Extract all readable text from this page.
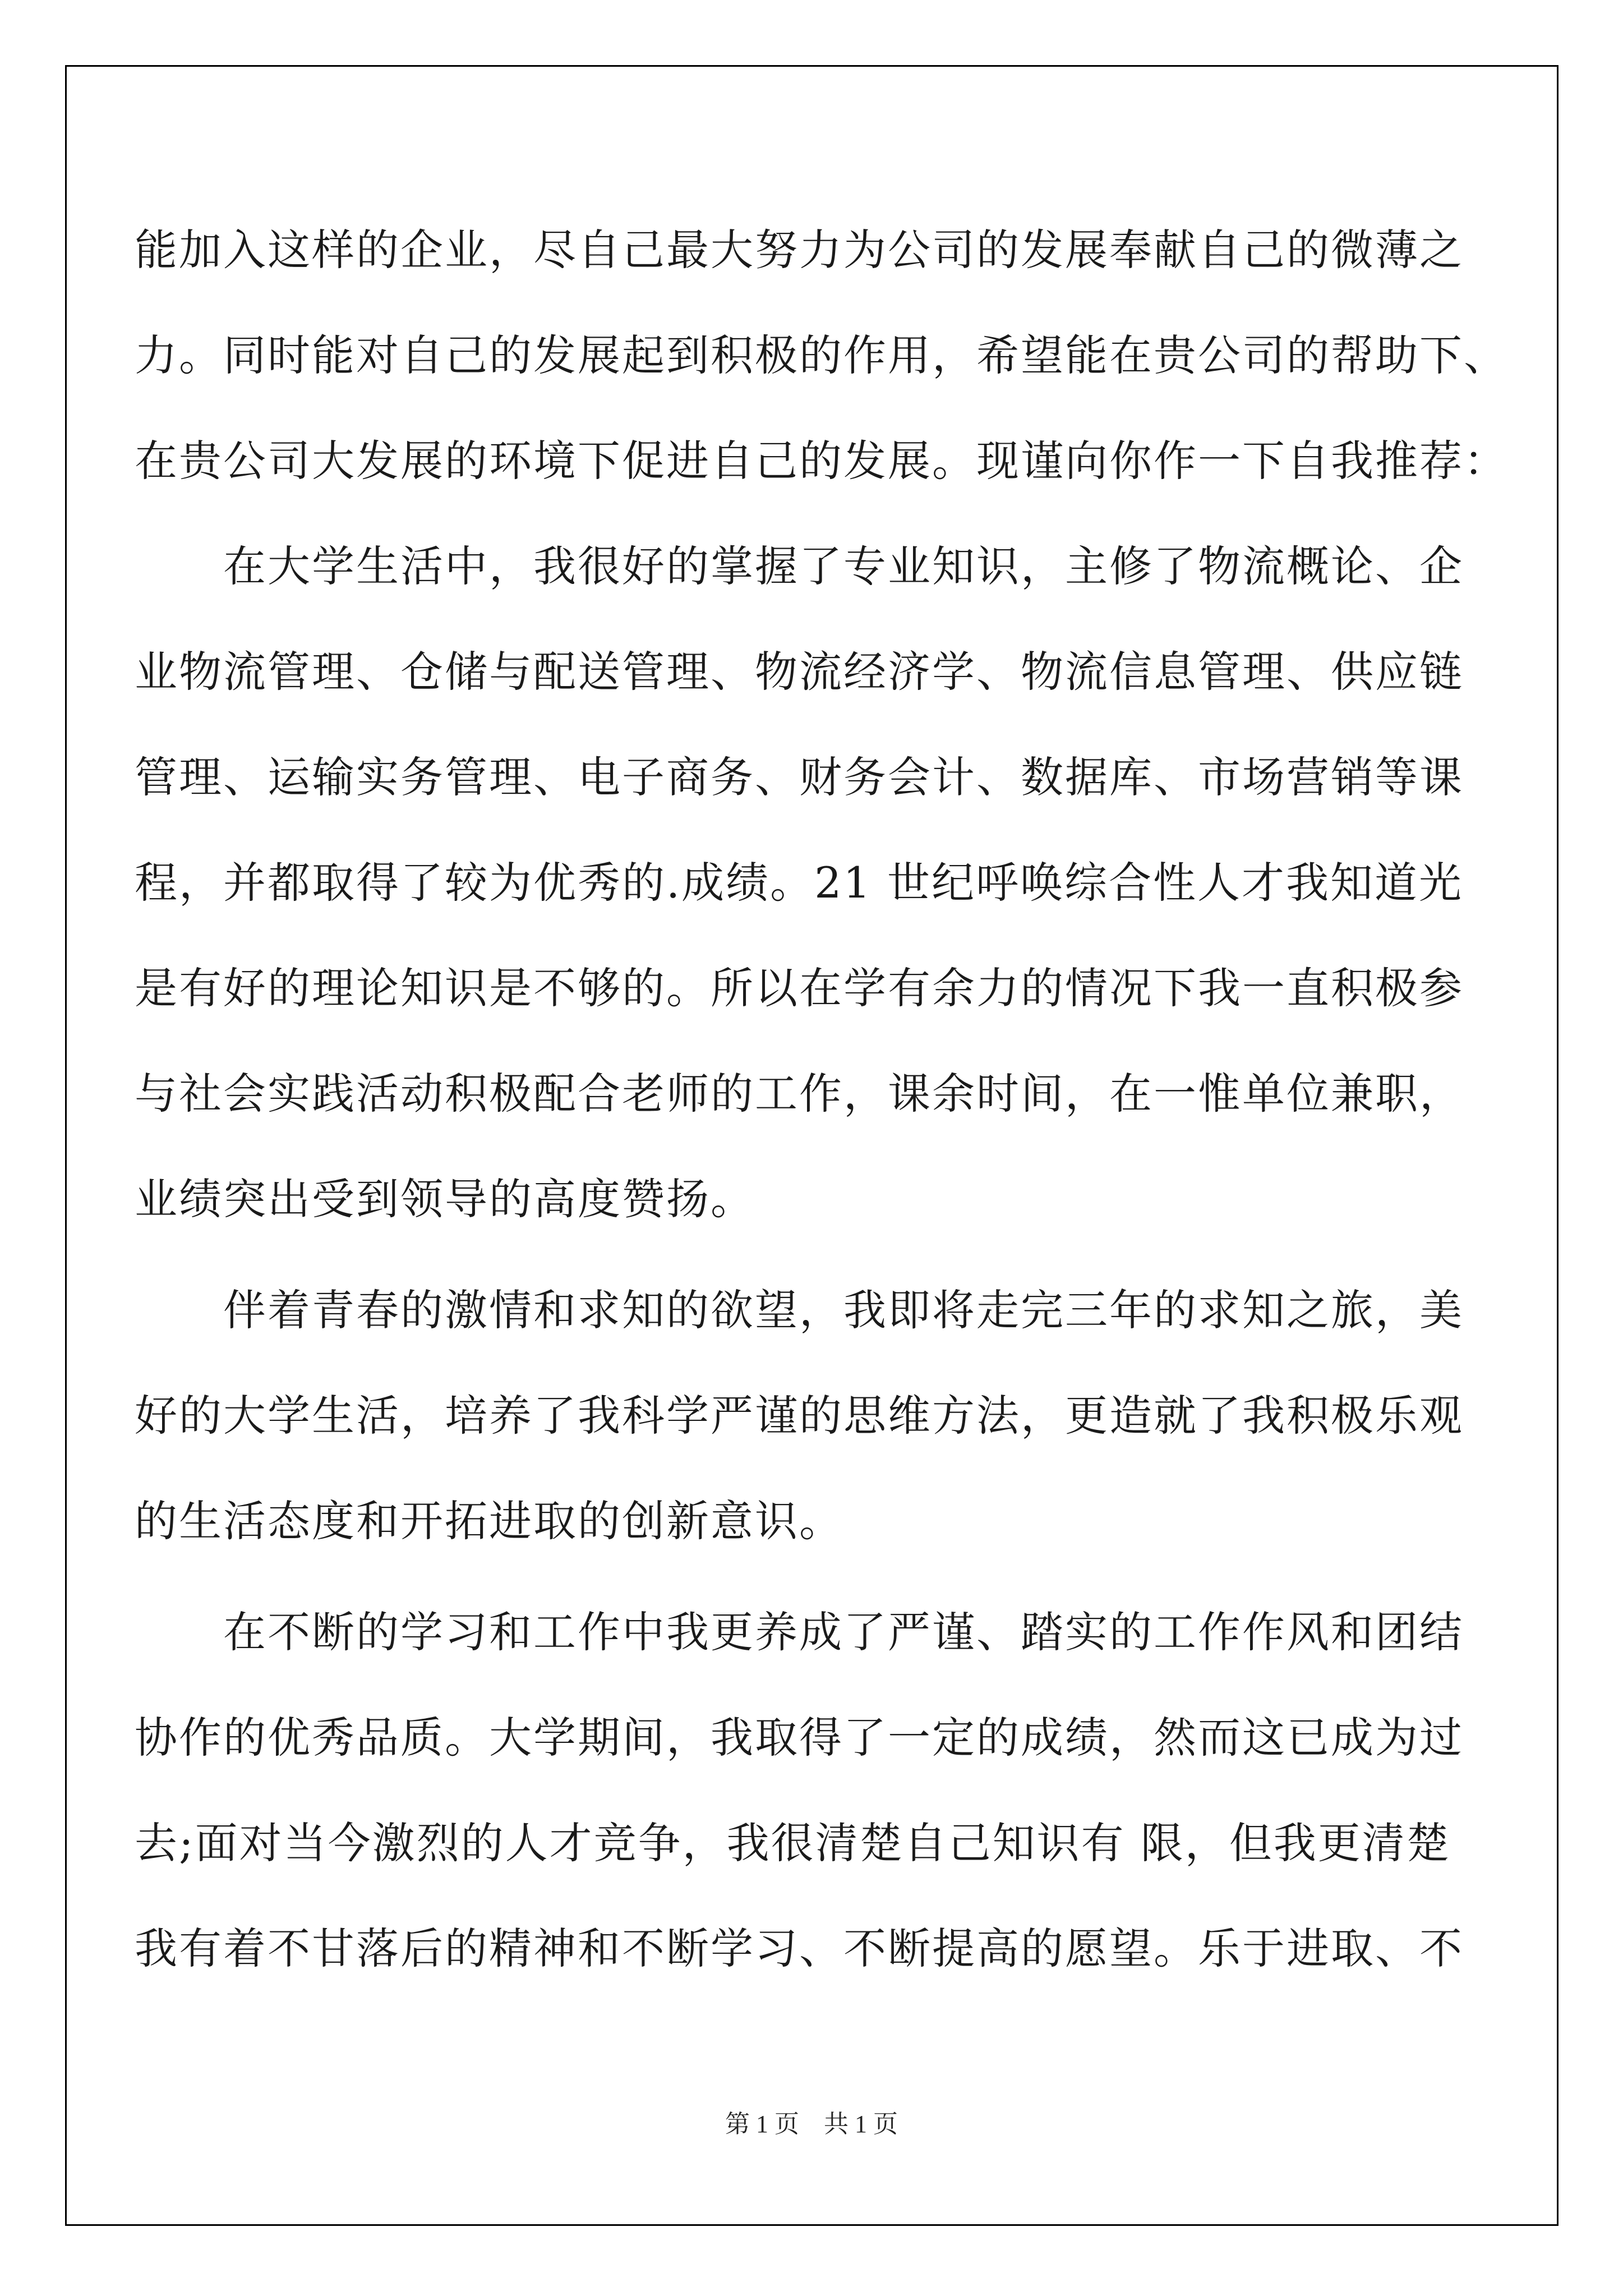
能加入这样的企业，尽自己最大努力为公司的发展奉献自己的微薄之
力。同时能对自己的发展起到积极的作用，希望能在贵公司的帮助下、
在贵公司大发展的环境下促进自己的发展。现谨向你作一下自我推荐：
　　在大学生活中，我很好的掌握了专业知识，主修了物流概论、企
业物流管理、仓储与配送管理、物流经济学、物流信息管理、供应链
管理、运输实务管理、电子商务、财务会计、数据库、市场营销等课
程，并都取得了较为优秀的.成绩。21 世纪呼唤综合性人才我知道光
是有好的理论知识是不够的。所以在学有余力的情况下我一直积极参
与社会实践活动积极配合老师的工作，课余时间，在一惟单位兼职，
业绩突出受到领导的高度赞扬。
　　伴着青春的激情和求知的欲望，我即将走完三年的求知之旅，美
好的大学生活，培养了我科学严谨的思维方法，更造就了我积极乐观
的生活态度和开拓进取的创新意识。
　　在不断的学习和工作中我更养成了严谨、踏实的工作作风和团结
协作的优秀品质。大学期间，我取得了一定的成绩，然而这已成为过
去;面对当今激烈的人才竞争，我很清楚自己知识有 限，但我更清楚
我有着不甘落后的精神和不断学习、不断提高的愿望。乐于进取、不
第 1 页　共 1 页
